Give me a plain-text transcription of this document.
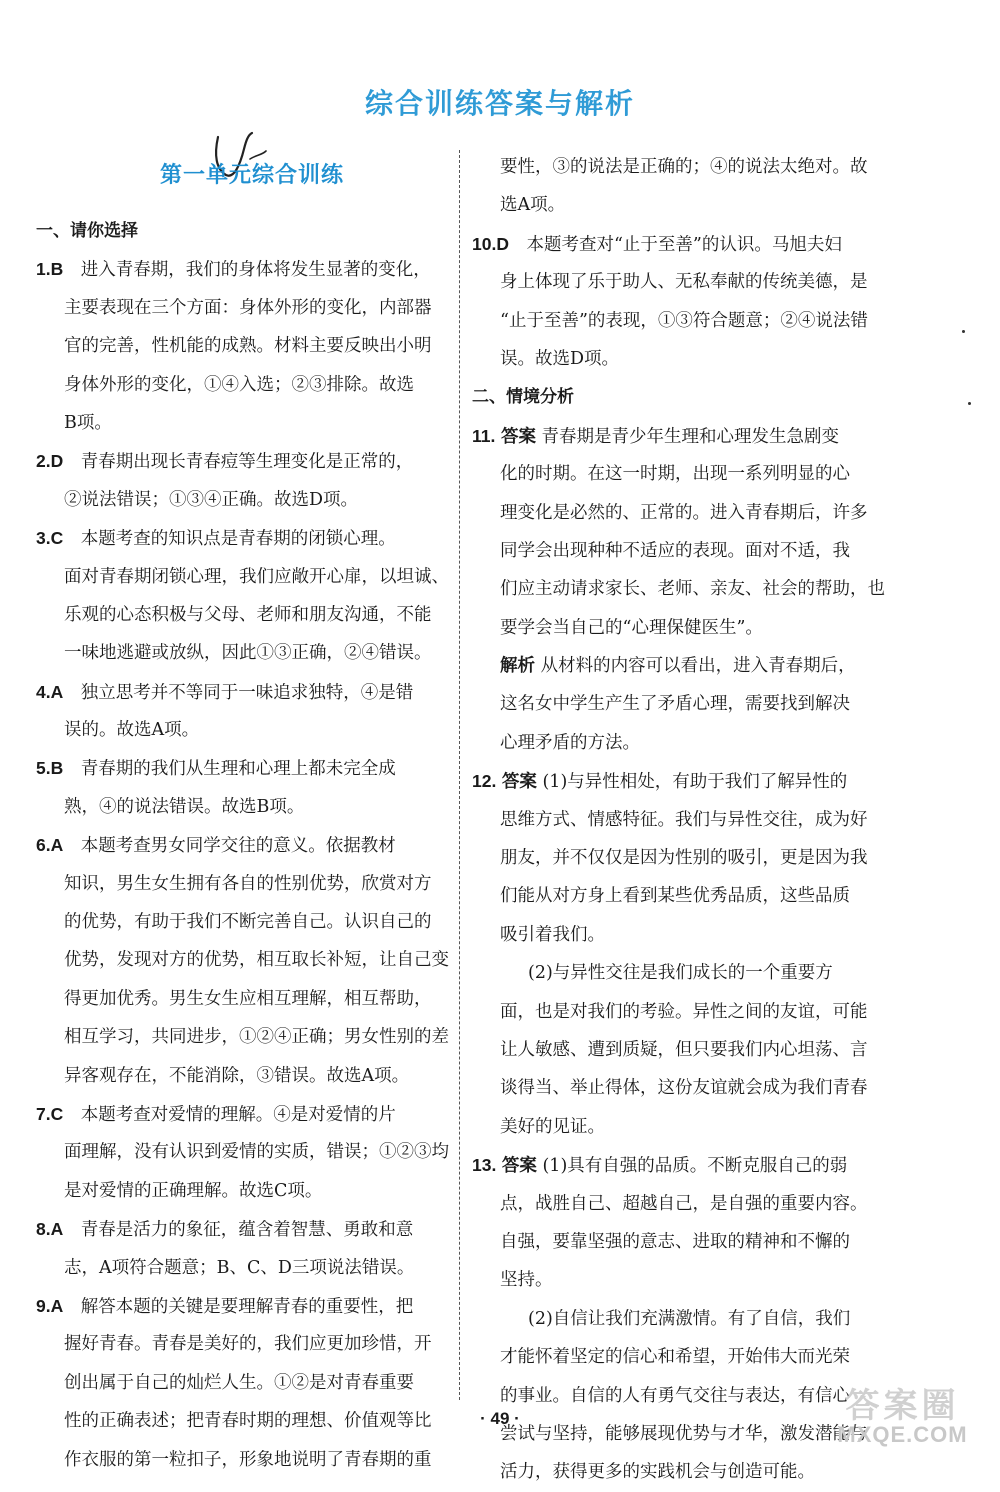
综合训练答案与解析
第一单元综合训练
一、请你选择
1.B  进入青春期，我们的身体将发生显著的变化，
主要表现在三个方面：身体外形的变化，内部器
官的完善，性机能的成熟。材料主要反映出小明
身体外形的变化，①④入选；②③排除。故选
B项。
2.D  青春期出现长青春痘等生理变化是正常的，
②说法错误；①③④正确。故选D项。
3.C  本题考查的知识点是青春期的闭锁心理。
面对青春期闭锁心理，我们应敞开心扉，以坦诚、
乐观的心态积极与父母、老师和朋友沟通，不能
一味地逃避或放纵，因此①③正确，②④错误。
4.A  独立思考并不等同于一味追求独特，④是错
误的。故选A项。
5.B  青春期的我们从生理和心理上都未完全成
熟，④的说法错误。故选B项。
6.A  本题考查男女同学交往的意义。依据教材
知识，男生女生拥有各自的性别优势，欣赏对方
的优势，有助于我们不断完善自己。认识自己的
优势，发现对方的优势，相互取长补短，让自己变
得更加优秀。男生女生应相互理解，相互帮助，
相互学习，共同进步，①②④正确；男女性别的差
异客观存在，不能消除，③错误。故选A项。
7.C  本题考查对爱情的理解。④是对爱情的片
面理解，没有认识到爱情的实质，错误；①②③均
是对爱情的正确理解。故选C项。
8.A  青春是活力的象征，蕴含着智慧、勇敢和意
志，A项符合题意；B、C、D三项说法错误。
9.A  解答本题的关键是要理解青春的重要性，把
握好青春。青春是美好的，我们应更加珍惜，开
创出属于自己的灿烂人生。①②是对青春重要
性的正确表述；把青春时期的理想、价值观等比
作衣服的第一粒扣子，形象地说明了青春期的重
要性，③的说法是正确的；④的说法太绝对。故
选A项。
10.D  本题考查对“止于至善”的认识。马旭夫妇
身上体现了乐于助人、无私奉献的传统美德，是
“止于至善”的表现，①③符合题意；②④说法错
误。故选D项。
二、情境分析
11. 答案 青春期是青少年生理和心理发生急剧变
化的时期。在这一时期，出现一系列明显的心
理变化是必然的、正常的。进入青春期后，许多
同学会出现种种不适应的表现。面对不适，我
们应主动请求家长、老师、亲友、社会的帮助，也
要学会当自己的“心理保健医生”。
解析 从材料的内容可以看出，进入青春期后，
这名女中学生产生了矛盾心理，需要找到解决
心理矛盾的方法。
12. 答案 (1)与异性相处，有助于我们了解异性的
思维方式、情感特征。我们与异性交往，成为好
朋友，并不仅仅是因为性别的吸引，更是因为我
们能从对方身上看到某些优秀品质，这些品质
吸引着我们。
(2)与异性交往是我们成长的一个重要方
面，也是对我们的考验。异性之间的友谊，可能
让人敏感、遭到质疑，但只要我们内心坦荡、言
谈得当、举止得体，这份友谊就会成为我们青春
美好的见证。
13. 答案 (1)具有自强的品质。不断克服自己的弱
点，战胜自己、超越自己，是自强的重要内容。
自强，要靠坚强的意志、进取的精神和不懈的
坚持。
(2)自信让我们充满激情。有了自信，我们
才能怀着坚定的信心和希望，开始伟大而光荣
的事业。自信的人有勇气交往与表达，有信心
尝试与坚持，能够展现优势与才华，激发潜能与
活力，获得更多的实践机会与创造可能。
· 49 ·	答案圈
MXQE.COM
